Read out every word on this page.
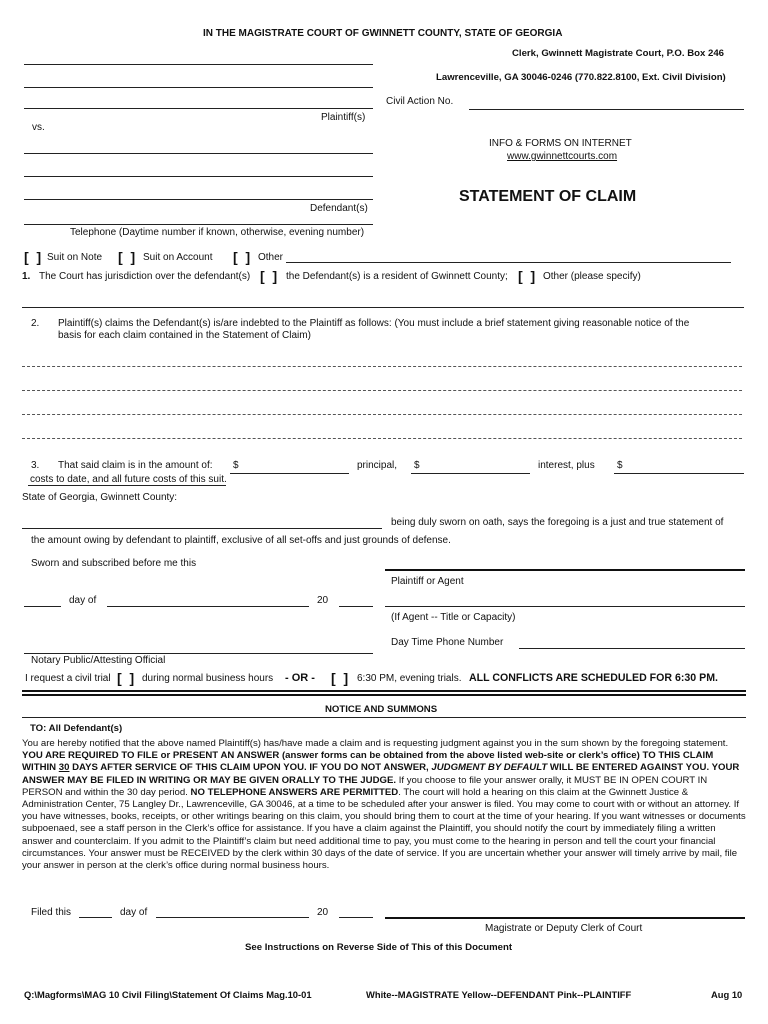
IN THE MAGISTRATE COURT OF GWINNETT COUNTY, STATE OF GEORGIA
Clerk, Gwinnett Magistrate Court, P.O. Box 246
Lawrenceville, GA 30046-0246 (770.822.8100, Ext. Civil Division)
Plaintiff(s)
vs.
Civil Action No.
INFO & FORMS ON INTERNET
www.gwinnettcourts.com
Defendant(s)
Telephone (Daytime number if known, otherwise, evening number)
STATEMENT OF CLAIM
[  ] Suit on Note [  ] Suit on Account [  ] Other
1. The Court has jurisdiction over the defendant(s) [  ] the Defendant(s) is a resident of Gwinnett County; [  ] Other (please specify)
2. Plaintiff(s) claims the Defendant(s) is/are indebted to the Plaintiff as follows: (You must include a brief statement giving reasonable notice of the
basis for each claim contained in the Statement of Claim)
3. That said claim is in the amount of: $	principal, $	interest, plus $
costs to date, and all future costs of this suit.
State of Georgia, Gwinnett County:
being duly sworn on oath, says the foregoing is a just and true statement of
the amount owing by defendant to plaintiff, exclusive of all set-offs and just grounds of defense.
Sworn and subscribed before me this
Plaintiff or Agent
day of	20
(If Agent -- Title or Capacity)
Day Time Phone Number
Notary Public/Attesting Official
I request a civil trial [  ] during normal business hours - OR - [  ] 6:30 PM, evening trials. ALL CONFLICTS ARE SCHEDULED FOR 6:30 PM.
NOTICE AND SUMMONS
TO: All Defendant(s)
You are hereby notified that the above named Plaintiff(s) has/have made a claim and is requesting judgment against you in the sum shown by the foregoing statement. YOU ARE REQUIRED TO FILE or PRESENT AN ANSWER (answer forms can be obtained from the above listed web-site or clerk’s office) TO THIS CLAIM WITHIN 30 DAYS AFTER SERVICE OF THIS CLAIM UPON YOU. IF YOU DO NOT ANSWER, JUDGMENT BY DEFAULT WILL BE ENTERED AGAINST YOU. YOUR ANSWER MAY BE FILED IN WRITING OR MAY BE GIVEN ORALLY TO THE JUDGE. If you choose to file your answer orally, it MUST BE IN OPEN COURT IN PERSON and within the 30 day period. NO TELEPHONE ANSWERS ARE PERMITTED. The court will hold a hearing on this claim at the Gwinnett Justice & Administration Center, 75 Langley Dr., Lawrenceville, GA 30046, at a time to be scheduled after your answer is filed. You may come to court with or without an attorney. If you have witnesses, books, receipts, or other writings bearing on this claim, you should bring them to court at the time of your hearing. If you want witnesses or documents subpoenaed, see a staff person in the Clerk’s office for assistance. If you have a claim against the Plaintiff, you should notify the court by immediately filing a written answer and counterclaim. If you admit to the Plaintiff’s claim but need additional time to pay, you must come to the hearing in person and tell the court your financial circumstances. Your answer must be RECEIVED by the clerk within 30 days of the date of service. If you are uncertain whether your answer will timely arrive by mail, file your answer in person at the clerk’s office during normal business hours.
Filed this	day of	20
Magistrate or Deputy Clerk of Court
See Instructions on Reverse Side of This of this Document
Q:\Magforms\MAG 10 Civil Filing\Statement Of Claims Mag.10-01	White--MAGISTRATE Yellow--DEFENDANT Pink--PLAINTIFF	Aug 10
